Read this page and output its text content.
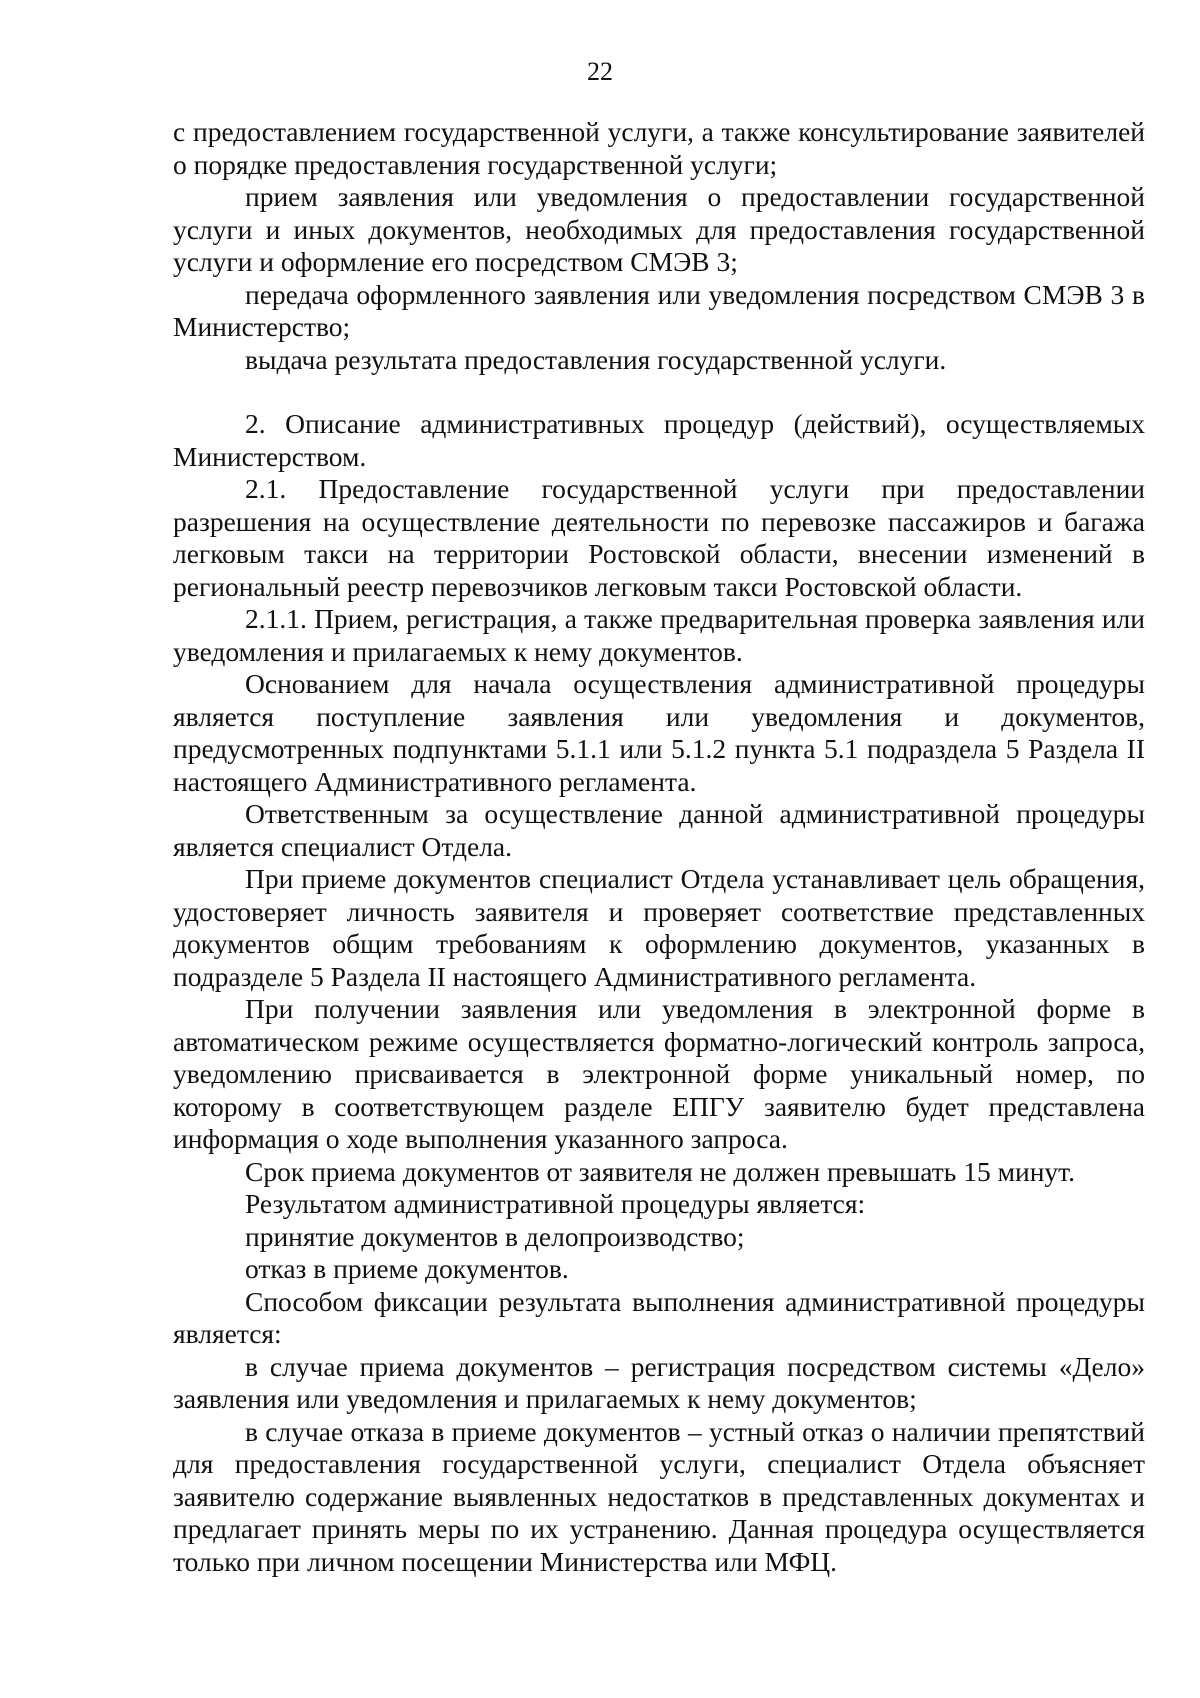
22

с предоставлением государственной услуги, а также консультирование заявителей о порядке предоставления государственной услуги;

прием заявления или уведомления о предоставлении государственной услуги и иных документов, необходимых для предоставления государственной услуги и оформление его посредством СМЭВ 3;

передача оформленного заявления или уведомления посредством СМЭВ 3 в Министерство;

выдача результата предоставления государственной услуги.

2. Описание административных процедур (действий), осуществляемых Министерством.

2.1. Предоставление государственной услуги при предоставлении разрешения на осуществление деятельности по перевозке пассажиров и багажа легковым такси на территории Ростовской области, внесении изменений в региональный реестр перевозчиков легковым такси Ростовской области.

2.1.1. Прием, регистрация, а также предварительная проверка заявления или уведомления и прилагаемых к нему документов.

Основанием для начала осуществления административной процедуры является поступление заявления или уведомления и документов, предусмотренных подпунктами 5.1.1 или 5.1.2 пункта 5.1 подраздела 5 Раздела II настоящего Административного регламента.

Ответственным за осуществление данной административной процедуры является специалист Отдела.

При приеме документов специалист Отдела устанавливает цель обращения, удостоверяет личность заявителя и проверяет соответствие представленных документов общим требованиям к оформлению документов, указанных в подразделе 5 Раздела II настоящего Административного регламента.

При получении заявления или уведомления в электронной форме в автоматическом режиме осуществляется форматно-логический контроль запроса, уведомлению присваивается в электронной форме уникальный номер, по которому в соответствующем разделе ЕПГУ заявителю будет представлена информация о ходе выполнения указанного запроса.

Срок приема документов от заявителя не должен превышать 15 минут.

Результатом административной процедуры является:

принятие документов в делопроизводство;

отказ в приеме документов.

Способом фиксации результата выполнения административной процедуры является:

в случае приема документов – регистрация посредством системы «Дело» заявления или уведомления и прилагаемых к нему документов;

в случае отказа в приеме документов – устный отказ о наличии препятствий для предоставления государственной услуги, специалист Отдела объясняет заявителю содержание выявленных недостатков в представленных документах и предлагает принять меры по их устранению. Данная процедура осуществляется только при личном посещении Министерства или МФЦ.
